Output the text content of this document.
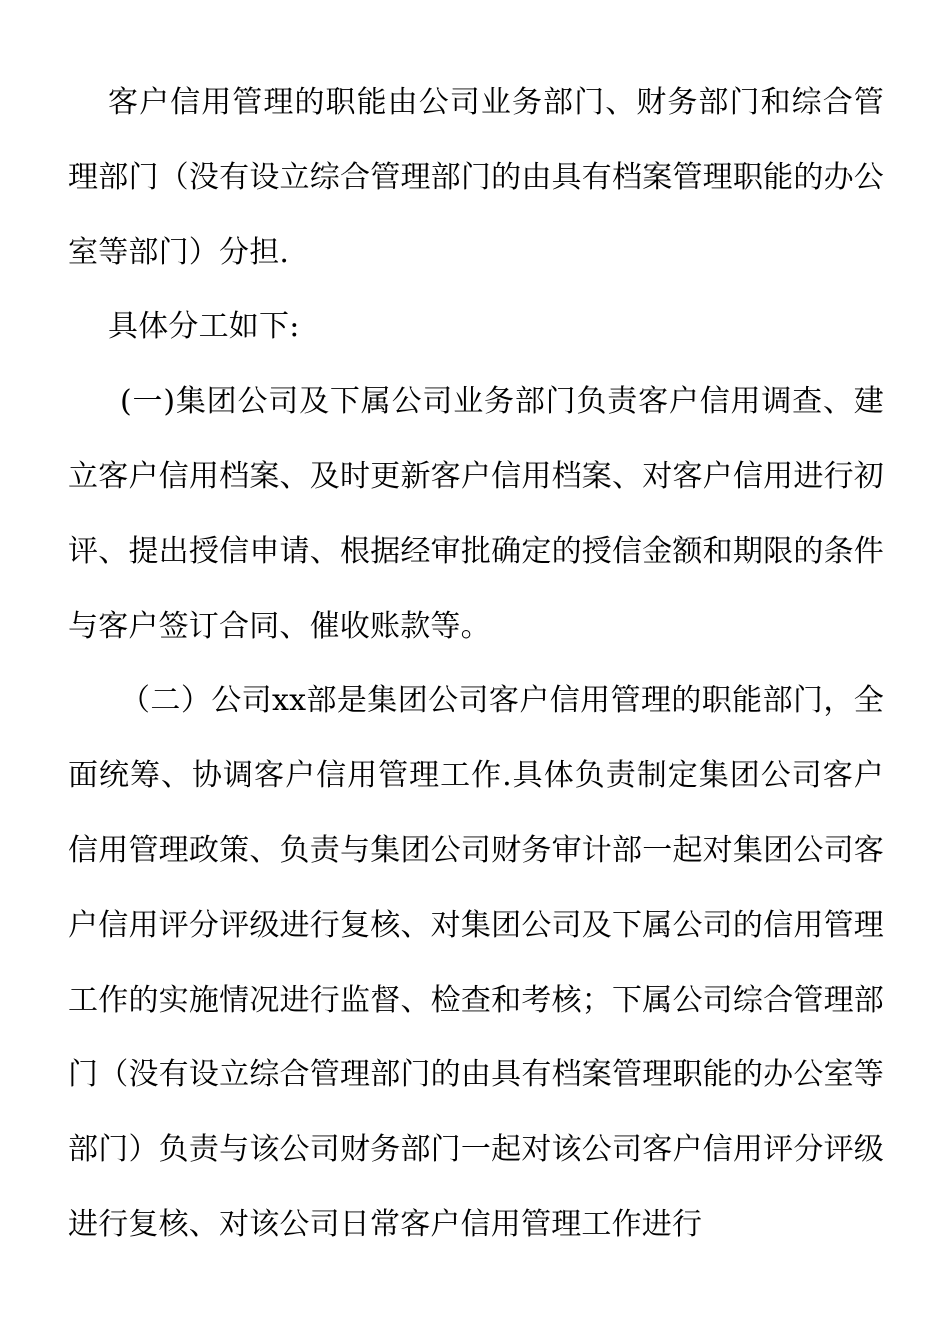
客户信用管理的职能由公司业务部门、财务部门和综合管理部门（没有设立综合管理部门的由具有档案管理职能的办公室等部门）分担.

具体分工如下:

(一)集团公司及下属公司业务部门负责客户信用调查、建立客户信用档案、及时更新客户信用档案、对客户信用进行初评、提出授信申请、根据经审批确定的授信金额和期限的条件与客户签订合同、催收账款等。

（二）公司xx部是集团公司客户信用管理的职能部门，全面统筹、协调客户信用管理工作.具体负责制定集团公司客户信用管理政策、负责与集团公司财务审计部一起对集团公司客户信用评分评级进行复核、对集团公司及下属公司的信用管理工作的实施情况进行监督、检查和考核；下属公司综合管理部门（没有设立综合管理部门的由具有档案管理职能的办公室等部门）负责与该公司财务部门一起对该公司客户信用评分评级进行复核、对该公司日常客户信用管理工作进行
